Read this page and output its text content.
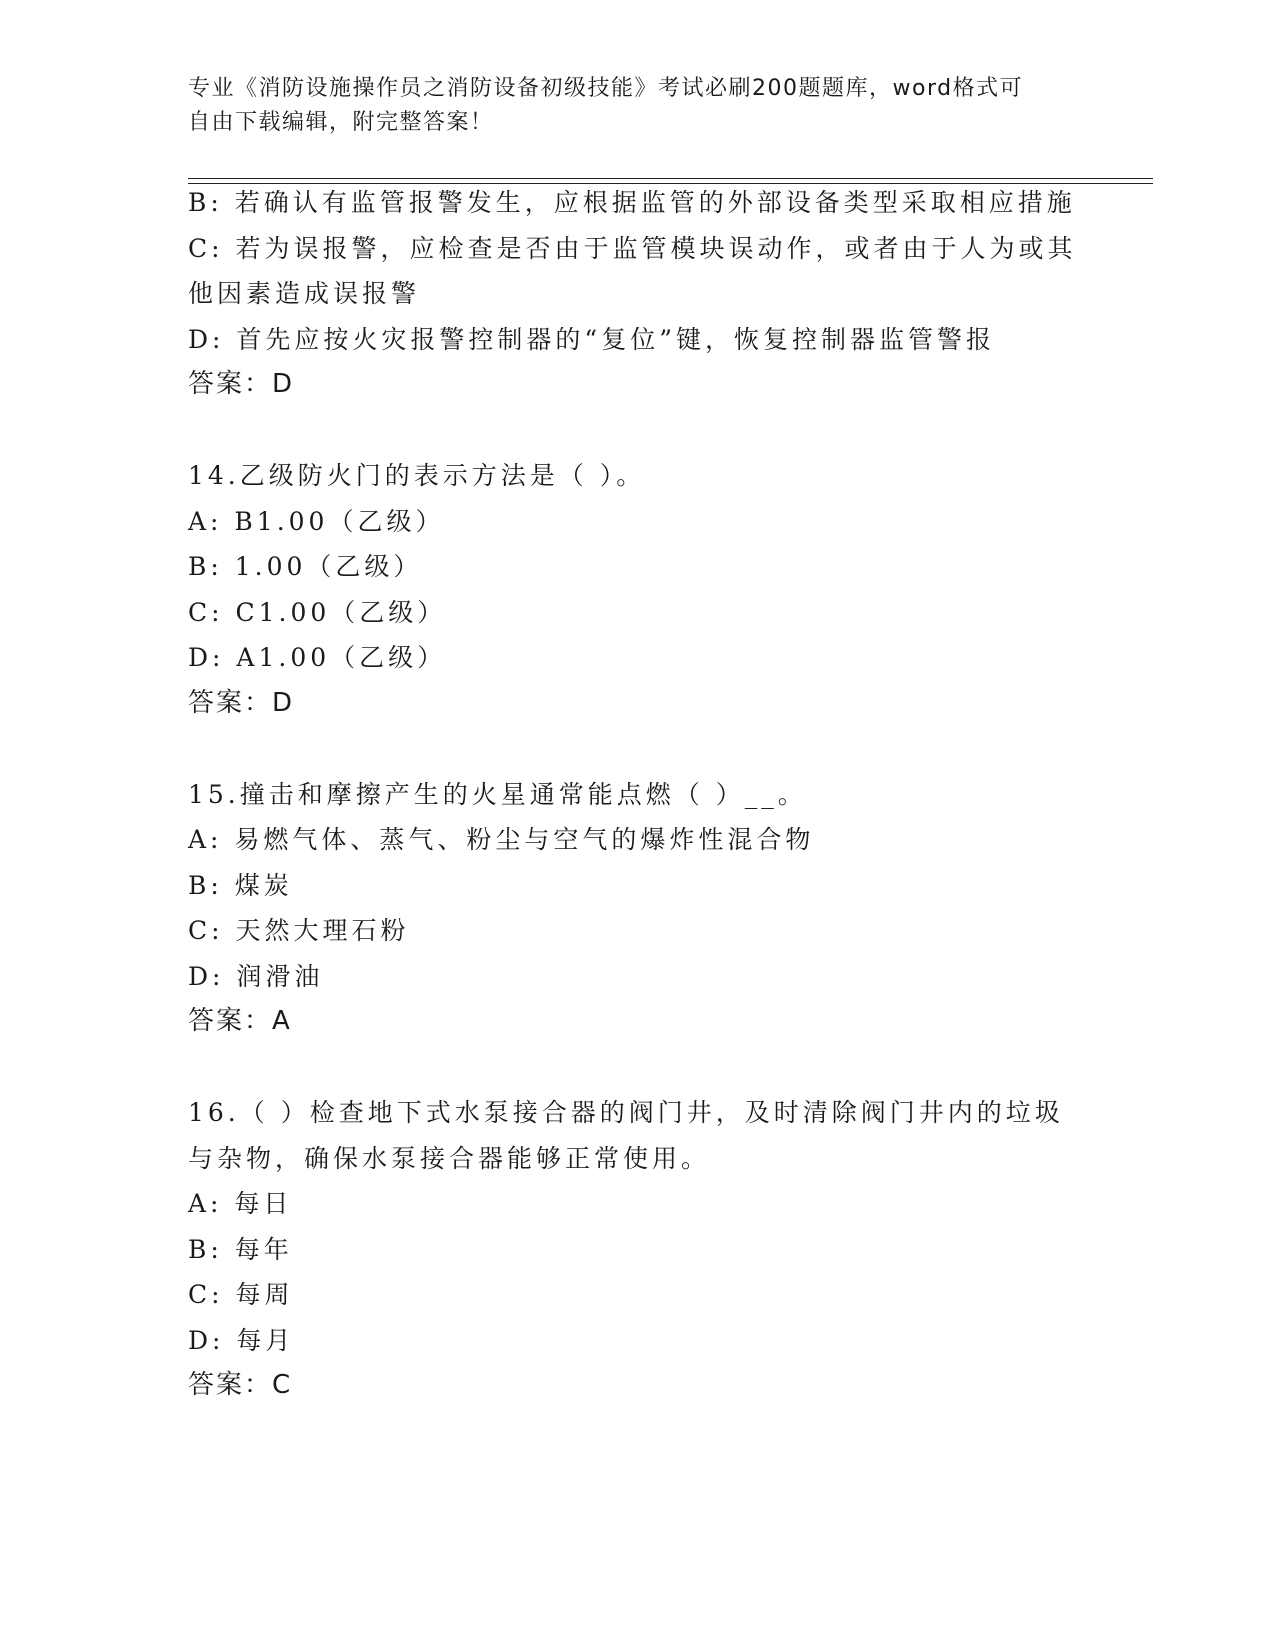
专业《消防设施操作员之消防设备初级技能》考试必刷200题题库，word格式可
自由下载编辑，附完整答案！
B: 若确认有监管报警发生，应根据监管的外部设备类型采取相应措施
C: 若为误报警，应检查是否由于监管模块误动作，或者由于人为或其
他因素造成误报警
D: 首先应按火灾报警控制器的“复位”键，恢复控制器监管警报
答案：D
14.乙级防火门的表示方法是（ ）。
A: B1.00（乙级）
B: 1.00（乙级）
C: C1.00（乙级）
D: A1.00（乙级）
答案：D
15.撞击和摩擦产生的火星通常能点燃（ ）__。
A: 易燃气体、蒸气、粉尘与空气的爆炸性混合物
B: 煤炭
C: 天然大理石粉
D: 润滑油
答案：A
16.（ ）检查地下式水泵接合器的阀门井，及时清除阀门井内的垃圾
与杂物，确保水泵接合器能够正常使用。
A: 每日
B: 每年
C: 每周
D: 每月
答案：C
